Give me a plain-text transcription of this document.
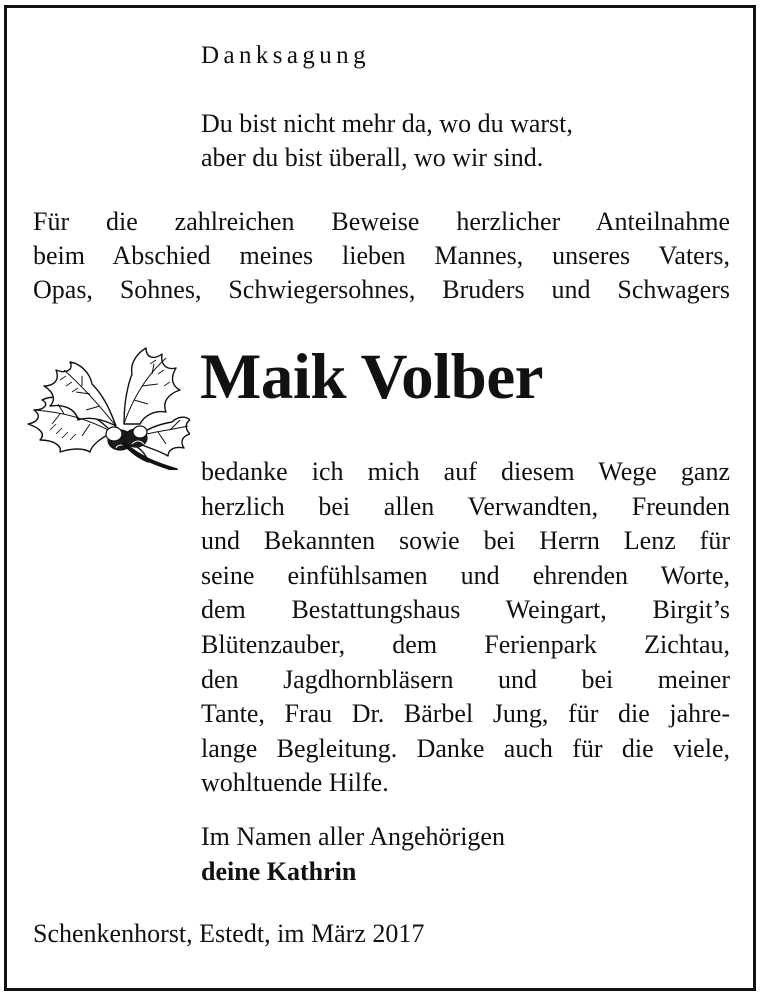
Danksagung
Du bist nicht mehr da, wo du warst,
aber du bist überall, wo wir sind.
Für die zahlreichen Beweise herzlicher Anteilnahme
beim Abschied meines lieben Mannes, unseres Vaters,
Opas, Sohnes, Schwiegersohnes, Bruders und Schwagers
Maik Volber
bedanke ich mich auf diesem Wege ganz
herzlich bei allen Verwandten, Freunden
und Bekannten sowie bei Herrn Lenz für
seine einfühlsamen und ehrenden Worte,
dem Bestattungshaus Weingart, Birgit’s
Blütenzauber, dem Ferienpark Zichtau,
den Jagdhornbläsern und bei meiner
Tante, Frau Dr. Bärbel Jung, für die jahre-
lange Begleitung. Danke auch für die viele,
wohltuende Hilfe.
Im Namen aller Angehörigen
deine Kathrin
Schenkenhorst, Estedt, im März 2017
